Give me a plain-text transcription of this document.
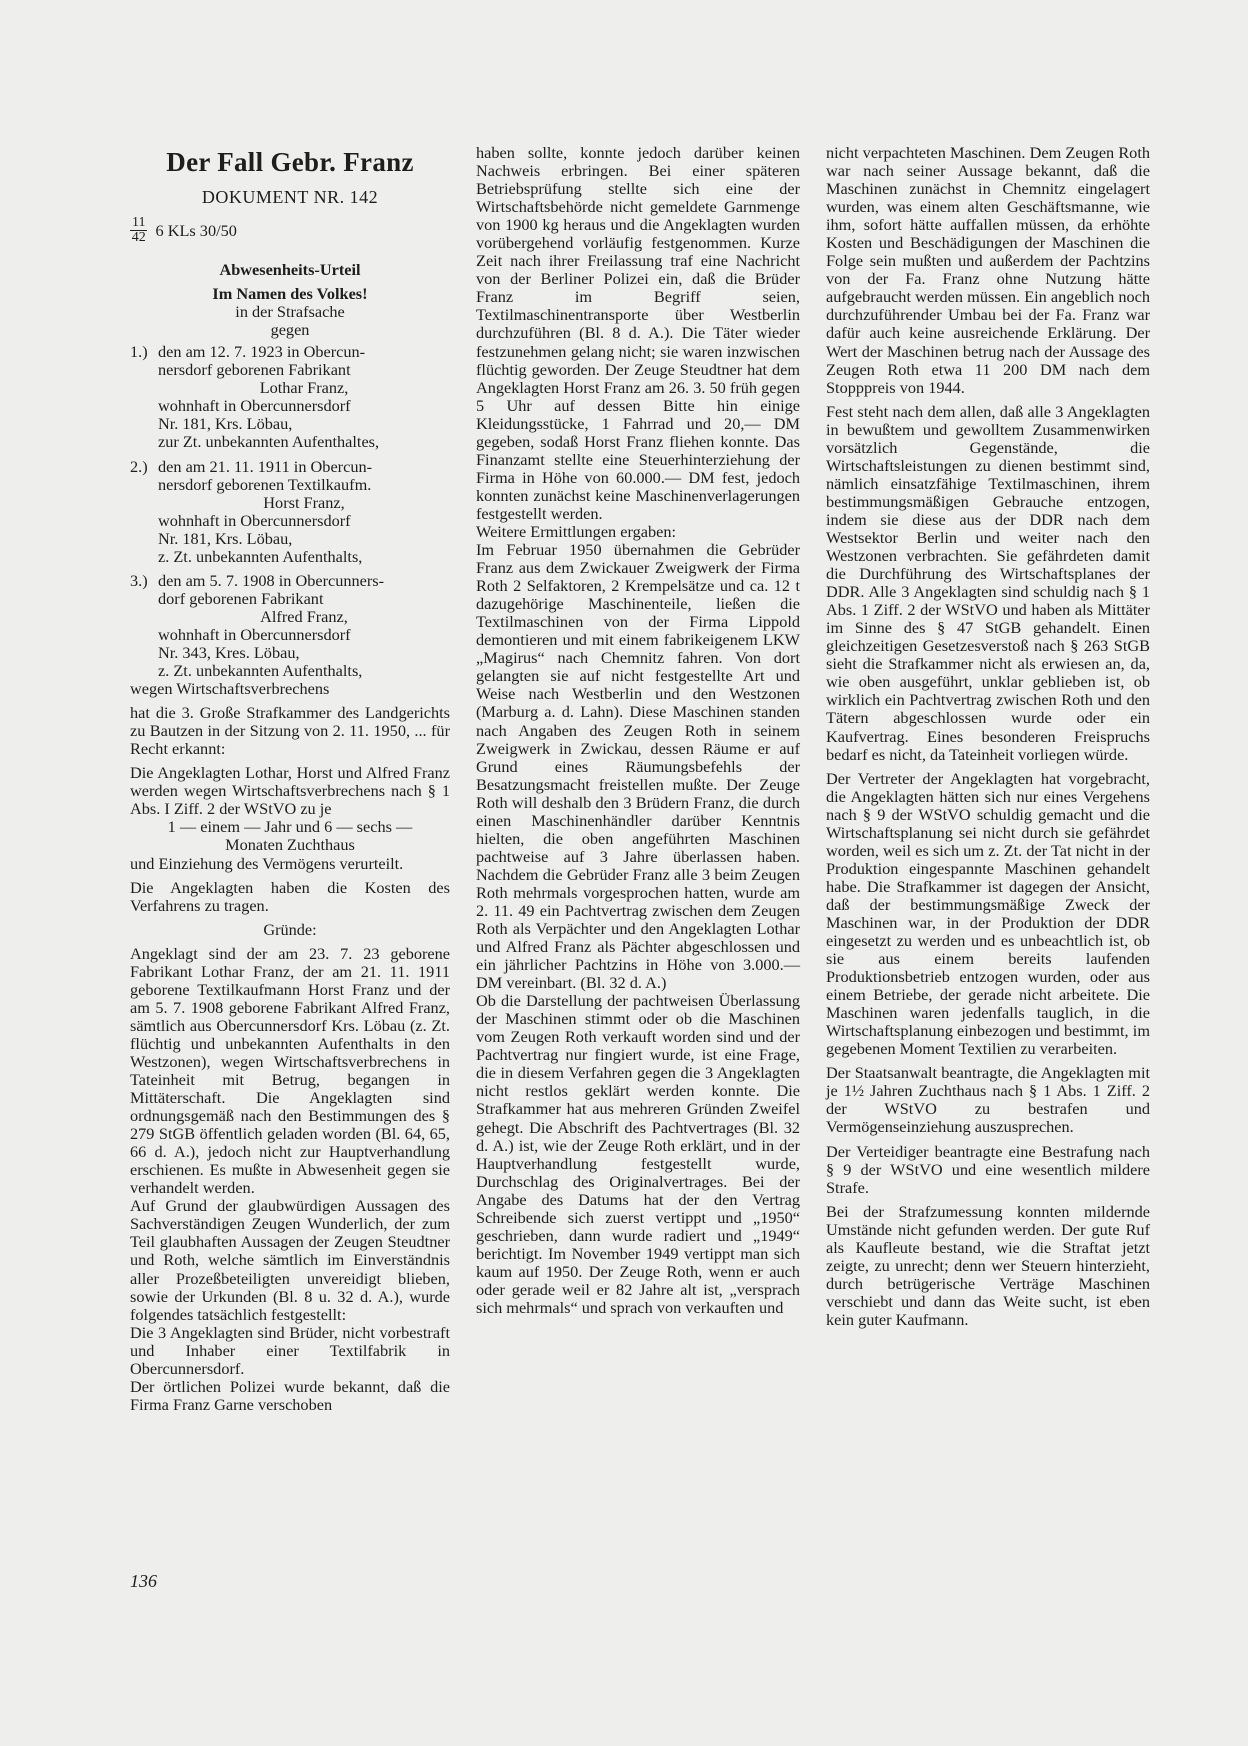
Der Fall Gebr. Franz
DOKUMENT NR. 142
$\frac{11}{42} 6$ KLs 30/50
Abwesenheits-Urteil
Im Namen des Volkes!

in der Strafsache

gegen

1.) den am 12. 7. 1923 in Obercun-

nersdorf geborenen Fabrikant

Lothar Franz,

wohnhaft in Obercunnersdorf

Nr. 181, Krs. Löbau,

zur Zt. unbekannten Aufenthaltes,

2.) den am 21. 11. 1911 in Obercun-

nersdorf geborenen Textilkaufm.

Horst Franz,

wohnhaft in Obercunnersdorf

Nr. 181, Krs. Löbau,

z. Zt. unbekannten Aufenthalts,

3.) den am 5. 7. 1908 in Obercunners-

dorf geborenen Fabrikant

Alfred Franz,

wohnhaft in Obercunnersdorf

Nr. 343, Kres. Löbau,

z. Zt. unbekannten Aufenthalts,

wegen Wirtschaftsverbrechens

hat die 3. Große Strafkammer des Landgerichts zu Bautzen in der Sitzung von 2. 11. 1950, ... für Recht erkannt:

Die Angeklagten Lothar, Horst und Alfred Franz werden wegen Wirtschaftsverbrechens nach § 1 Abs. I Ziff. 2 der WStVO zu je

1 — einem — Jahr und 6 — sechs —

Monaten Zuchthaus

und Einziehung des Vermögens verurteilt.

Die Angeklagten haben die Kosten des Verfahrens zu tragen.

Gründe:

Angeklagt sind der am 23. 7. 23 geborene Fabrikant Lothar Franz, der am 21. 11. 1911 geborene Textilkaufmann Horst Franz und der am 5. 7. 1908 geborene Fabrikant Alfred Franz, sämtlich aus Obercunnersdorf Krs. Löbau (z. Zt. flüchtig und unbekannten Aufenthalts in den Westzonen), wegen Wirtschaftsverbrechens in Tateinheit mit Betrug, begangen in Mittäterschaft. Die Angeklagten sind ordnungsgemäß nach den Bestimmungen des § 279 StGB öffentlich geladen worden (Bl. 64, 65, 66 d. A.), jedoch nicht zur Hauptverhandlung erschienen. Es mußte in Abwesenheit gegen sie verhandelt werden.

Auf Grund der glaubwürdigen Aussagen des Sachverständigen Zeugen Wunderlich, der zum Teil glaubhaften Aussagen der Zeugen Steudtner und Roth, welche sämtlich im Einverständnis aller Prozeßbeteiligten unvereidigt blieben, sowie der Urkunden (Bl. 8 u. 32 d. A.), wurde folgendes tatsächlich festgestellt:

Die 3 Angeklagten sind Brüder, nicht vorbestraft und Inhaber einer Textilfabrik in Obercunnersdorf.

Der örtlichen Polizei wurde bekannt, daß die Firma Franz Garne verschoben

haben sollte, konnte jedoch darüber keinen Nachweis erbringen. Bei einer späteren Betriebsprüfung stellte sich eine der Wirtschaftsbehörde nicht gemeldete Garnmenge von 1900 kg heraus und die Angeklagten wurden vorübergehend vorläufig festgenommen. Kurze Zeit nach ihrer Freilassung traf eine Nachricht von der Berliner Polizei ein, daß die Brüder Franz im Begriff seien, Textilmaschinentransporte über Westberlin durchzuführen (Bl. 8 d. A.). Die Täter wieder festzunehmen gelang nicht; sie waren inzwischen flüchtig geworden. Der Zeuge Steudtner hat dem Angeklagten Horst Franz am 26. 3. 50 früh gegen 5 Uhr auf dessen Bitte hin einige Kleidungsstücke, 1 Fahrrad und 20,— DM gegeben, sodaß Horst Franz fliehen konnte. Das Finanzamt stellte eine Steuerhinterziehung der Firma in Höhe von 60.000.— DM fest, jedoch konnten zunächst keine Maschinenverlagerungen festgestellt werden.

Weitere Ermittlungen ergaben:

Im Februar 1950 übernahmen die Gebrüder Franz aus dem Zwickauer Zweigwerk der Firma Roth 2 Selfaktoren, 2 Krempelsätze und ca. 12 t dazugehörige Maschinenteile, ließen die Textilmaschinen von der Firma Lippold demontieren und mit einem fabrikeigenem LKW „Magirus“ nach Chemnitz fahren. Von dort gelangten sie auf nicht festgestellte Art und Weise nach Westberlin und den Westzonen (Marburg a. d. Lahn). Diese Maschinen standen nach Angaben des Zeugen Roth in seinem Zweigwerk in Zwickau, dessen Räume er auf Grund eines Räumungsbefehls der Besatzungsmacht freistellen mußte. Der Zeuge Roth will deshalb den 3 Brüdern Franz, die durch einen Maschinenhändler darüber Kenntnis hielten, die oben angeführten Maschinen pachtweise auf 3 Jahre überlassen haben. Nachdem die Gebrüder Franz alle 3 beim Zeugen Roth mehrmals vorgesprochen hatten, wurde am 2. 11. 49 ein Pachtvertrag zwischen dem Zeugen Roth als Verpächter und den Angeklagten Lothar und Alfred Franz als Pächter abgeschlossen und ein jährlicher Pachtzins in Höhe von 3.000.— DM vereinbart. (Bl. 32 d. A.)

Ob die Darstellung der pachtweisen Überlassung der Maschinen stimmt oder ob die Maschinen vom Zeugen Roth verkauft worden sind und der Pachtvertrag nur fingiert wurde, ist eine Frage, die in diesem Verfahren gegen die 3 Angeklagten nicht restlos geklärt werden konnte. Die Strafkammer hat aus mehreren Gründen Zweifel gehegt. Die Abschrift des Pachtvertrages (Bl. 32 d. A.) ist, wie der Zeuge Roth erklärt, und in der Hauptverhandlung festgestellt wurde, Durchschlag des Originalvertrages. Bei der Angabe des Datums hat der den Vertrag Schreibende sich zuerst vertippt und „1950“ geschrieben, dann wurde radiert und „1949“ berichtigt. Im November 1949 vertippt man sich kaum auf 1950. Der Zeuge Roth, wenn er auch oder gerade weil er 82 Jahre alt ist, „versprach sich mehrmals“ und sprach von verkauften und

nicht verpachteten Maschinen. Dem Zeugen Roth war nach seiner Aussage bekannt, daß die Maschinen zunächst in Chemnitz eingelagert wurden, was einem alten Geschäftsmanne, wie ihm, sofort hätte auffallen müssen, da erhöhte Kosten und Beschädigungen der Maschinen die Folge sein mußten und außerdem der Pachtzins von der Fa. Franz ohne Nutzung hätte aufgebraucht werden müssen. Ein angeblich noch durchzuführender Umbau bei der Fa. Franz war dafür auch keine ausreichende Erklärung. Der Wert der Maschinen betrug nach der Aussage des Zeugen Roth etwa 11 200 DM nach dem Stopppreis von 1944.

Fest steht nach dem allen, daß alle 3 Angeklagten in bewußtem und gewolltem Zusammenwirken vorsätzlich Gegenstände, die Wirtschaftsleistungen zu dienen bestimmt sind, nämlich einsatzfähige Textilmaschinen, ihrem bestimmungsmäßigen Gebrauche entzogen, indem sie diese aus der DDR nach dem Westsektor Berlin und weiter nach den Westzonen verbrachten. Sie gefährdeten damit die Durchführung des Wirtschaftsplanes der DDR. Alle 3 Angeklagten sind schuldig nach § 1 Abs. 1 Ziff. 2 der WStVO und haben als Mittäter im Sinne des § 47 StGB gehandelt. Einen gleichzeitigen Gesetzesverstoß nach § 263 StGB sieht die Strafkammer nicht als erwiesen an, da, wie oben ausgeführt, unklar geblieben ist, ob wirklich ein Pachtvertrag zwischen Roth und den Tätern abgeschlossen wurde oder ein Kaufvertrag. Eines besonderen Freispruchs bedarf es nicht, da Tateinheit vorliegen würde.

Der Vertreter der Angeklagten hat vorgebracht, die Angeklagten hätten sich nur eines Vergehens nach § 9 der WStVO schuldig gemacht und die Wirtschaftsplanung sei nicht durch sie gefährdet worden, weil es sich um z. Zt. der Tat nicht in der Produktion eingespannte Maschinen gehandelt habe. Die Strafkammer ist dagegen der Ansicht, daß der bestimmungsmäßige Zweck der Maschinen war, in der Produktion der DDR eingesetzt zu werden und es unbeachtlich ist, ob sie aus einem bereits laufenden Produktionsbetrieb entzogen wurden, oder aus einem Betriebe, der gerade nicht arbeitete. Die Maschinen waren jedenfalls tauglich, in die Wirtschaftsplanung einbezogen und bestimmt, im gegebenen Moment Textilien zu verarbeiten.

Der Staatsanwalt beantragte, die Angeklagten mit je 1½ Jahren Zuchthaus nach § 1 Abs. 1 Ziff. 2 der WStVO zu bestrafen und Vermögenseinziehung auszusprechen.

Der Verteidiger beantragte eine Bestrafung nach § 9 der WStVO und eine wesentlich mildere Strafe.

Bei der Strafzumessung konnten mildernde Umstände nicht gefunden werden. Der gute Ruf als Kaufleute bestand, wie die Straftat jetzt zeigte, zu unrecht; denn wer Steuern hinterzieht, durch betrügerische Verträge Maschinen verschiebt und dann das Weite sucht, ist eben kein guter Kaufmann.

136
